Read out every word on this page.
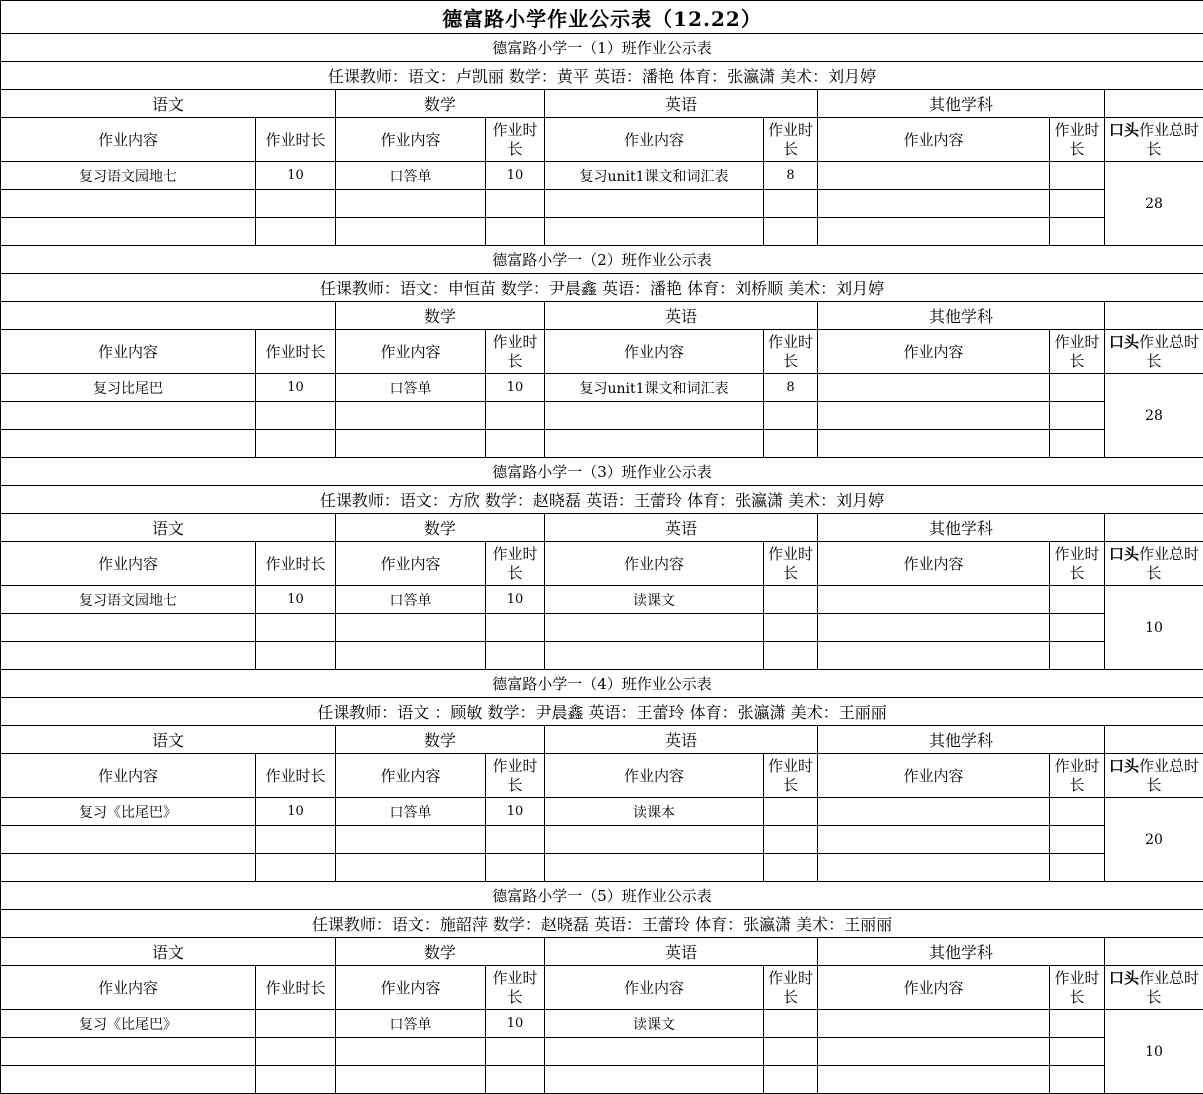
德富路小学作业公示表（12.22）								
德富路小学一（1）班作业公示表								
任课教师：语文：卢凯丽 数学：黄平 英语：潘艳 体育：张瀛潇 美术：刘月婷								
语文		数学		英语		其他学科		
作业内容	作业时长	作业内容	作业时长	作业内容	作业时长	作业内容	作业时长	口头作业总时长
复习语文园地七	10	口答单	10	复习unit1课文和词汇表	8			28

德富路小学一（2）班作业公示表								
任课教师：语文：申恒苗 数学：尹晨鑫 英语：潘艳 体育：刘桥顺 美术：刘月婷								
		数学		英语		其他学科		
作业内容	作业时长	作业内容	作业时长	作业内容	作业时长	作业内容	作业时长	口头作业总时长
复习比尾巴	10	口答单	10	复习unit1课文和词汇表	8			28

德富路小学一（3）班作业公示表								
任课教师：语文：方欣 数学：赵晓磊 英语：王蕾玲 体育：张瀛潇 美术：刘月婷								
语文		数学		英语		其他学科		
作业内容	作业时长	作业内容	作业时长	作业内容	作业时长	作业内容	作业时长	口头作业总时长
复习语文园地七	10	口答单	10	读课文				10

德富路小学一（4）班作业公示表								
任课教师：语文 ：顾敏 数学：尹晨鑫 英语：王蕾玲 体育：张瀛潇 美术：王丽丽								
语文		数学		英语		其他学科		
作业内容	作业时长	作业内容	作业时长	作业内容	作业时长	作业内容	作业时长	口头作业总时长
复习《比尾巴》	10	口答单	10	读课本				20

德富路小学一（5）班作业公示表								
任课教师：语文：施韶萍 数学：赵晓磊 英语：王蕾玲 体育：张瀛潇 美术：王丽丽								
语文		数学		英语		其他学科		
作业内容	作业时长	作业内容	作业时长	作业内容	作业时长	作业内容	作业时长	口头作业总时长
复习《比尾巴》		口答单	10	读课文				10
